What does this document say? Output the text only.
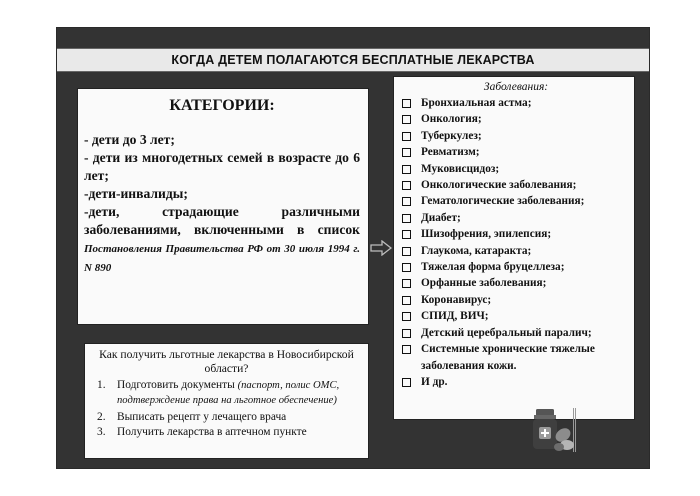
КОГДА ДЕТЕМ ПОЛАГАЮТСЯ БЕСПЛАТНЫЕ ЛЕКАРСТВА
КАТЕГОРИИ:

- дети до 3 лет;

- дети из многодетных семей в возрасте до 6 лет;

-дети-инвалиды;

-дети, страдающие различными заболеваниями, включенными в список Постановления Правительства РФ от 30 июля 1994 г. N 890

Заболевания:
Бронхиальная астма;
Онкология;
Туберкулез;
Ревматизм;
Муковисцидоз;
Онкологические заболевания;
Гематологические заболевания;
Диабет;
Шизофрения, эпилепсия;
Глаукома, катаракта;
Тяжелая форма бруцеллеза;
Орфанные заболевания;
Коронавирус;
СПИД, ВИЧ;
Детский церебральный паралич;
Системные хронические тяжелые заболевания кожи.
И др.
Как получить льготные лекарства в Новосибирской области?
1.	Подготовить документы (паспорт, полис ОМС, подтверждение права на льготное обеспечение)
2.	Выписать рецепт у лечащего врача
3.	Получить лекарства в аптечном пункте
